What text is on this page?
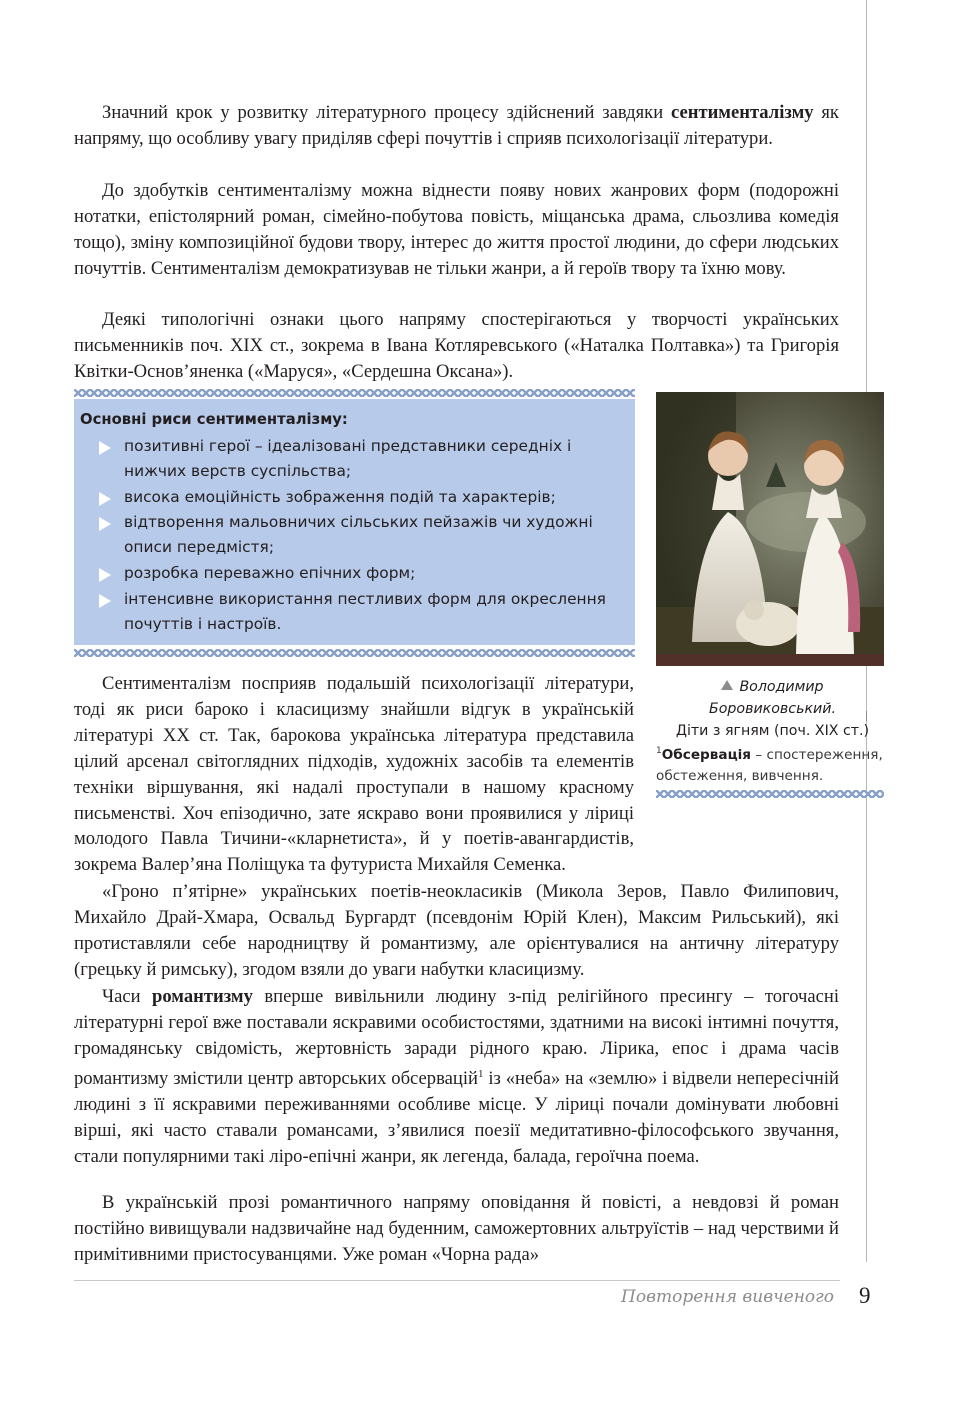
Значний крок у розвитку літературного процесу здійснений завдяки сентименталізму як напряму, що особливу увагу приділяв сфері почуттів і сприяв психологізації літератури.

До здобутків сентименталізму можна віднести появу нових жанрових форм (подорожні нотатки, епістолярний роман, сімейно-побутова повість, міщанська драма, сльозлива комедія тощо), зміну композиційної будови твору, інтерес до життя простої людини, до сфери людських почуттів. Сентименталізм демократизував не тільки жанри, а й героїв твору та їхню мову.

Деякі типологічні ознаки цього напряму спостерігаються у творчості українських письменників поч. XIX ст., зокрема в Івана Котляревського («Наталка Полтавка») та Григорія Квітки-Основ’яненка («Маруся», «Сердешна Оксана»).

Основні риси сентименталізму:
позитивні герої – ідеалізовані представники середніх і нижчих верств суспільства;
висока емоційність зображення подій та характерів;
відтворення мальовничих сільських пейзажів чи художні описи передмістя;
розробка переважно епічних форм;
інтенсивне використання пестливих форм для окреслення почуттів і настроїв.
Володимир Боровиковський.
Діти з ягням (поч. XIX ст.)
$^1$Обсервація – спостереження, обстеження, вивчення.

Сентименталізм посприяв подальшій психологізації літератури, тоді як риси бароко і класицизму знайшли відгук в українській літературі ХХ ст. Так, барокова українська література представила цілий арсенал світоглядних підходів, художніх засобів та елементів техніки віршування, які надалі проступали в нашому красному письменстві. Хоч епізодично, зате яскраво вони проявилися у ліриці молодого Павла Тичини-«кларнетиста», й у поетів-авангардистів, зокрема Валер’яна Поліщука та футуриста Михайля Семенка.

«Гроно п’ятірне» українських поетів-неокласиків (Микола Зеров, Павло Филипович, Михайло Драй-Хмара, Освальд Бургардт (псевдонім Юрій Клен), Максим Рильський), які протиставляли себе народництву й романтизму, але орієнтувалися на античну літературу (грецьку й римську), згодом взяли до уваги набутки класицизму.

Часи романтизму вперше вивільнили людину з-під релігійного пресингу – тогочасні літературні герої вже поставали яскравими особистостями, здатними на високі інтимні почуття, громадянську свідомість, жертовність заради рідного краю. Лірика, епос і драма часів романтизму змістили центр авторських обсервацій$^1$ із «неба» на «землю» і відвели непересічній людині з її яскравими переживаннями особливе місце. У ліриці почали домінувати любовні вірші, які часто ставали романсами, з’явилися поезії медитативно-філософського звучання, стали популярними такі ліро-епічні жанри, як легенда, балада, героїчна поема.

В українській прозі романтичного напряму оповідання й повісті, а невдовзі й роман постійно вивищували надзвичайне над буденним, саможертовних альтруїстів – над черствими й примітивними пристосуванцями. Уже роман «Чорна рада»

Повторення вивченого 9
